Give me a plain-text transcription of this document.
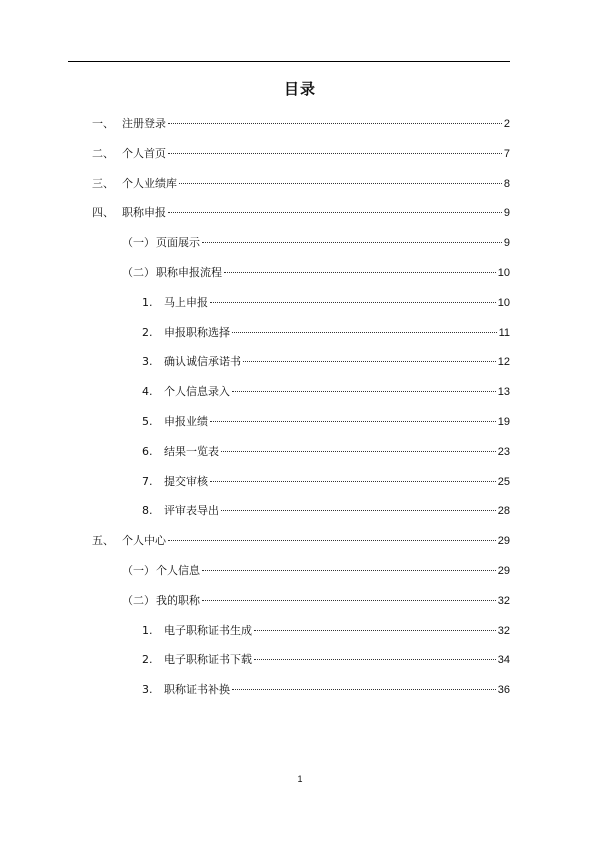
目录
一、 注册登录	2
二、 个人首页	7
三、 个人业绩库	8
四、 职称申报	9
（一） 页面展示	9
（二） 职称申报流程	10
1.	马上申报	10
2.	申报职称选择	11
3.	确认诚信承诺书	12
4.	个人信息录入	13
5.	申报业绩	19
6.	结果一览表	23
7.	提交审核	25
8.	评审表导出	28
五、 个人中心	29
（一） 个人信息	29
（二） 我的职称	32
1.	电子职称证书生成	32
2.	电子职称证书下载	34
3.	职称证书补换	36
1
